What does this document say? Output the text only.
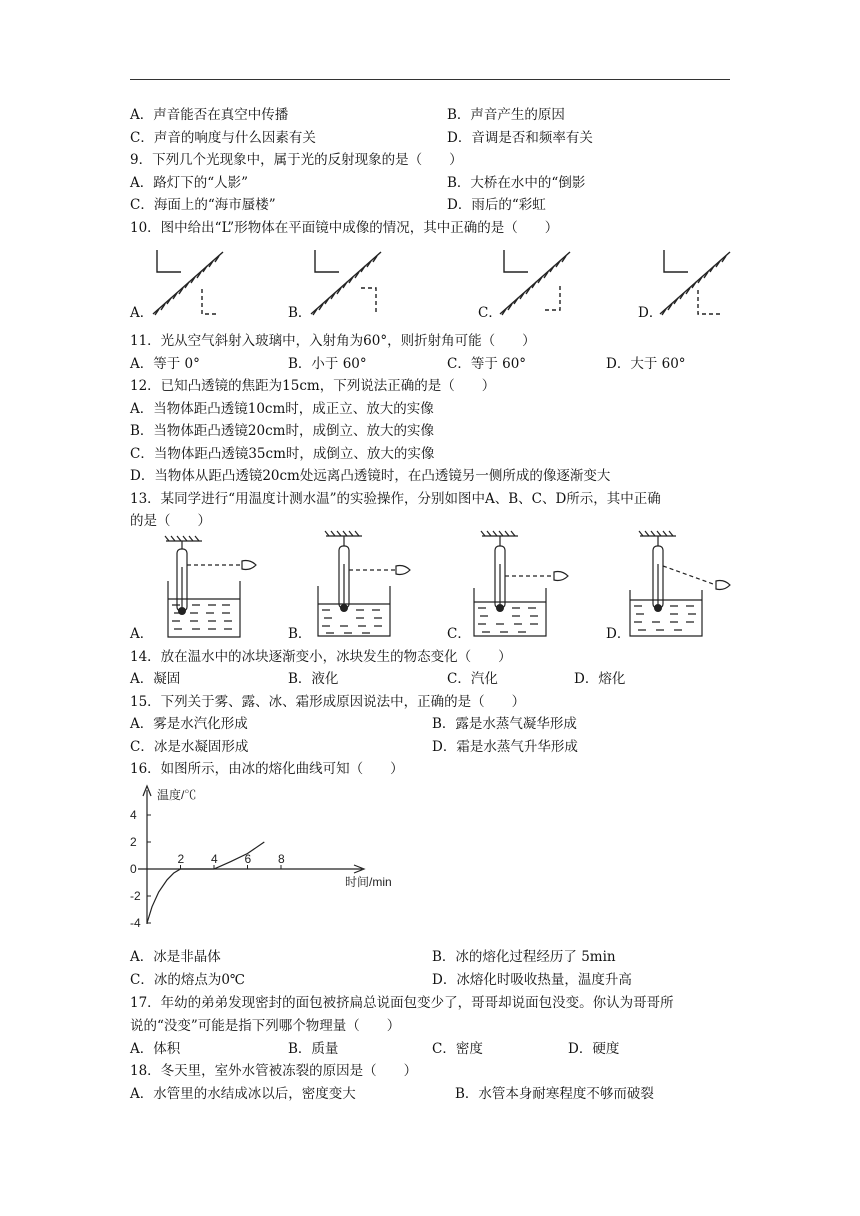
A．声音能否在真空中传播	B．声音产生的原因
C．声音的响度与什么因素有关	D．音调是否和频率有关
9．下列几个光现象中，属于光的反射现象的是（　　）
A．路灯下的“人影”	B．大桥在水中的“倒影
C．海面上的“海市蜃楼”	D．雨后的“彩虹
10．图中给出“L”形物体在平面镜中成像的情况，其中正确的是（　　）
A．	B．	C．	D．
11．光从空气斜射入玻璃中，入射角为60°，则折射角可能（　　）
A．等于 0°	B．小于 60°	C．等于 60°	D．大于 60°
12．已知凸透镜的焦距为15cm，下列说法正确的是（　　）
A．当物体距凸透镜10cm时，成正立、放大的实像
B．当物体距凸透镜20cm时，成倒立、放大的实像
C．当物体距凸透镜35cm时，成倒立、放大的实像
D．当物体从距凸透镜20cm处远离凸透镜时，在凸透镜另一侧所成的像逐渐变大
13．某同学进行“用温度计测水温”的实验操作，分别如图中A、B、C、D所示，其中正确
的是（　　）
A．	B．	C．	D．
14．放在温水中的冰块逐渐变小，冰块发生的物态变化（　　）
A．凝固	B．液化	C．汽化	D．熔化
15．下列关于雾、露、冰、霜形成原因说法中，正确的是（　　）
A．雾是水汽化形成	B．露是水蒸气凝华形成
C．冰是水凝固形成	D．霜是水蒸气升华形成
16．如图所示，由冰的熔化曲线可知（　　）
4
2
0
-2
-4
2 4 6 8
温度/℃
时间/min
A．冰是非晶体	B．冰的熔化过程经历了 5min
C．冰的熔点为0℃	D．冰熔化时吸收热量，温度升高
17．年幼的弟弟发现密封的面包被挤扁总说面包变少了，哥哥却说面包没变。你认为哥哥所
说的“没变”可能是指下列哪个物理量（　　）
A．体积	B．质量	C．密度	D．硬度
18．冬天里，室外水管被冻裂的原因是（　　）
A．水管里的水结成冰以后，密度变大	B．水管本身耐寒程度不够而破裂
